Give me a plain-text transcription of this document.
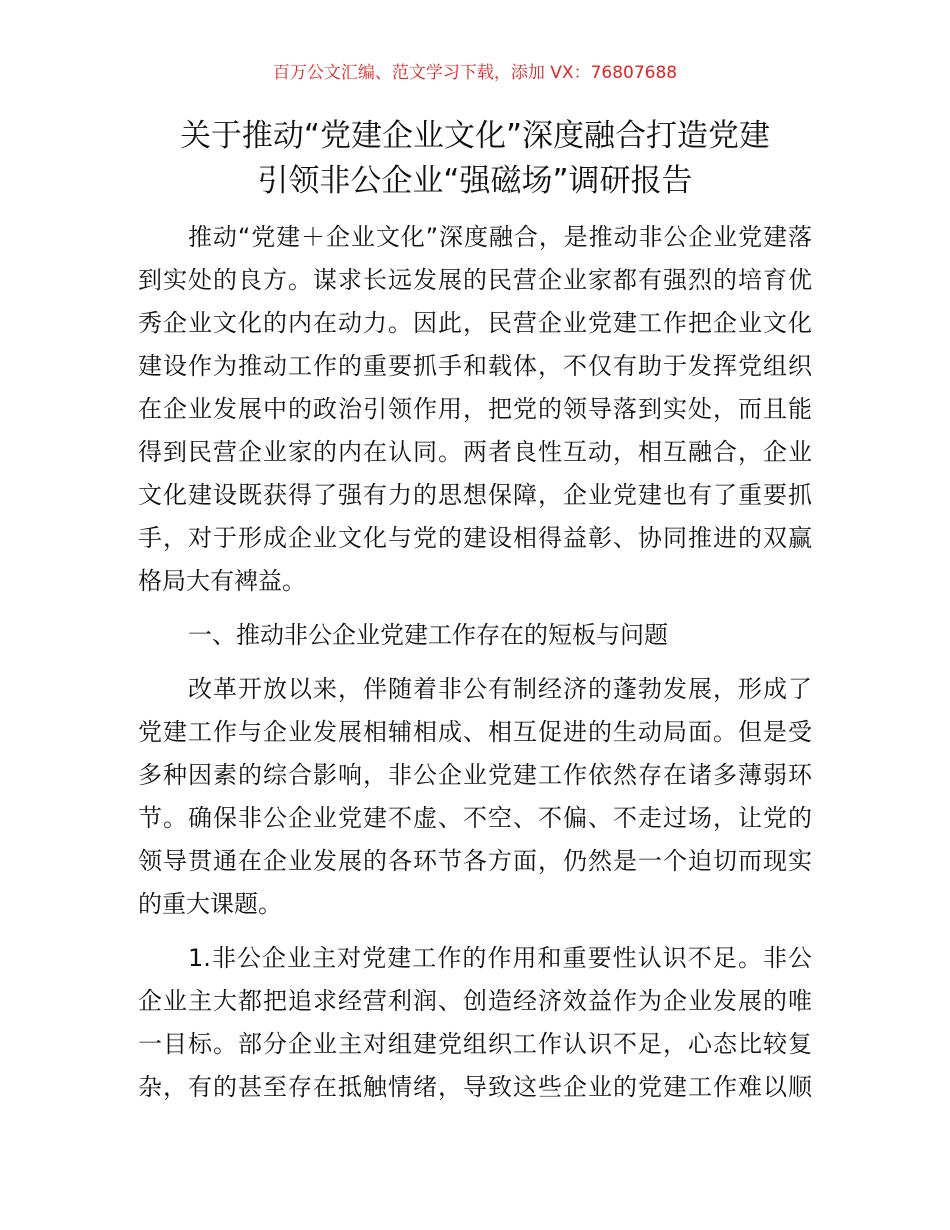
百万公文汇编、范文学习下载，添加 VX：76807688
关于推动“党建企业文化”深度融合打造党建
引领非公企业“强磁场”调研报告
推动“党建＋企业文化”深度融合，是推动非公企业党建落
到实处的良方。谋求长远发展的民营企业家都有强烈的培育优
秀企业文化的内在动力。因此，民营企业党建工作把企业文化
建设作为推动工作的重要抓手和载体，不仅有助于发挥党组织
在企业发展中的政治引领作用，把党的领导落到实处，而且能
得到民营企业家的内在认同。两者良性互动，相互融合，企业
文化建设既获得了强有力的思想保障，企业党建也有了重要抓
手，对于形成企业文化与党的建设相得益彰、协同推进的双赢
格局大有裨益。
一、推动非公企业党建工作存在的短板与问题
改革开放以来，伴随着非公有制经济的蓬勃发展，形成了
党建工作与企业发展相辅相成、相互促进的生动局面。但是受
多种因素的综合影响，非公企业党建工作依然存在诸多薄弱环
节。确保非公企业党建不虚、不空、不偏、不走过场，让党的
领导贯通在企业发展的各环节各方面，仍然是一个迫切而现实
的重大课题。
1.非公企业主对党建工作的作用和重要性认识不足。非公
企业主大都把追求经营利润、创造经济效益作为企业发展的唯
一目标。部分企业主对组建党组织工作认识不足，心态比较复
杂，有的甚至存在抵触情绪，导致这些企业的党建工作难以顺
